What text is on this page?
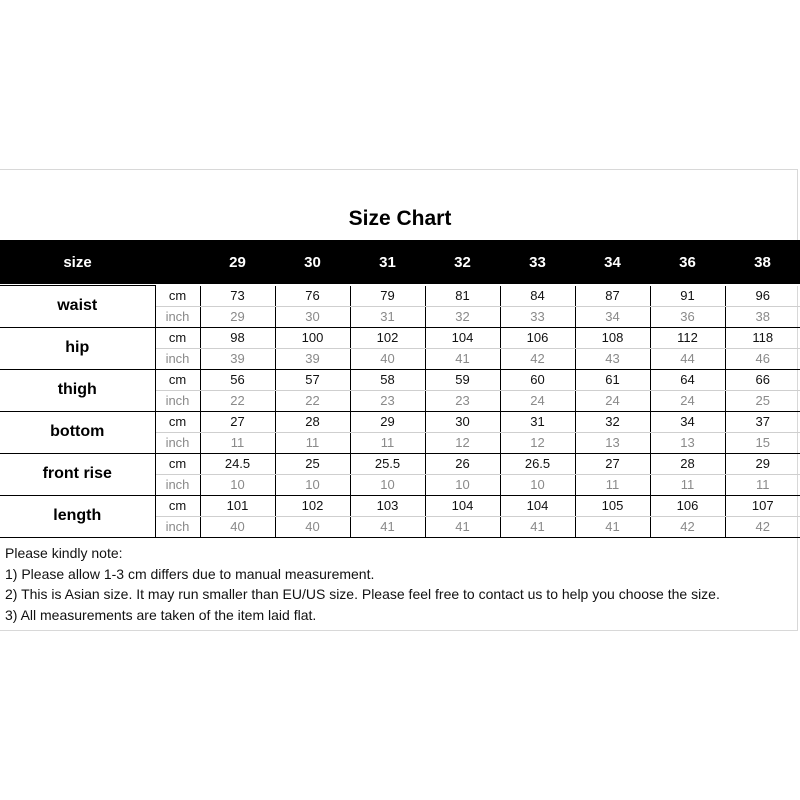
Size Chart
size		29	30	31	32	33	34	36	38

waist	cm	73	76	79	81	84	87	91	96
	inch	29	30	31	32	33	34	36	38
hip	cm	98	100	102	104	106	108	112	118
	inch	39	39	40	41	42	43	44	46
thigh	cm	56	57	58	59	60	61	64	66
	inch	22	22	23	23	24	24	24	25
bottom	cm	27	28	29	30	31	32	34	37
	inch	11	11	11	12	12	13	13	15
front rise	cm	24.5	25	25.5	26	26.5	27	28	29
	inch	10	10	10	10	10	11	11	11
length	cm	101	102	103	104	104	105	106	107
	inch	40	40	41	41	41	41	42	42
Please kindly note:
1) Please allow 1-3 cm differs due to manual measurement.
2) This is Asian size. It may run smaller than EU/US size. Please feel free to contact us to help you choose the size.
3) All measurements are taken of the item laid flat.
